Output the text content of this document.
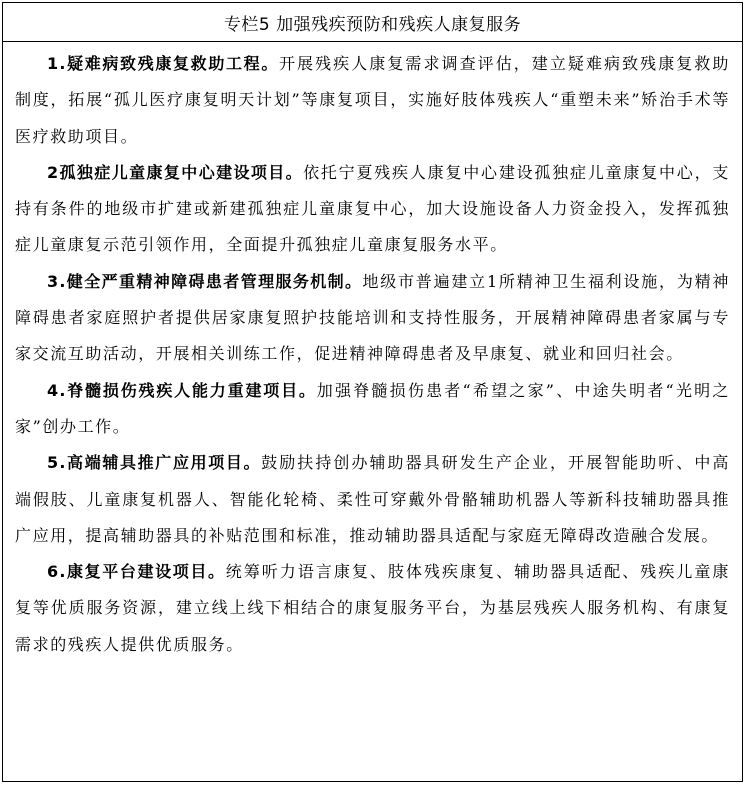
专栏5 加强残疾预防和残疾人康复服务

1.疑难病致残康复救助工程。开展残疾人康复需求调查评估，建立疑难病致残康复救助制度，拓展“孤儿医疗康复明天计划”等康复项目，实施好肢体残疾人“重塑未来”矫治手术等医疗救助项目。

2孤独症儿童康复中心建设项目。依托宁夏残疾人康复中心建设孤独症儿童康复中心，支持有条件的地级市扩建或新建孤独症儿童康复中心，加大设施设备人力资金投入，发挥孤独症儿童康复示范引领作用，全面提升孤独症儿童康复服务水平。

3.健全严重精神障碍患者管理服务机制。地级市普遍建立1所精神卫生福利设施，为精神障碍患者家庭照护者提供居家康复照护技能培训和支持性服务，开展精神障碍患者家属与专家交流互助活动，开展相关训练工作，促进精神障碍患者及早康复、就业和回归社会。

4.脊髓损伤残疾人能力重建项目。加强脊髓损伤患者“希望之家”、中途失明者“光明之家”创办工作。

5.高端辅具推广应用项目。鼓励扶持创办辅助器具研发生产企业，开展智能助听、中高端假肢、儿童康复机器人、智能化轮椅、柔性可穿戴外骨骼辅助机器人等新科技辅助器具推广应用，提高辅助器具的补贴范围和标准，推动辅助器具适配与家庭无障碍改造融合发展。

6.康复平台建设项目。统筹听力语言康复、肢体残疾康复、辅助器具适配、残疾儿童康复等优质服务资源，建立线上线下相结合的康复服务平台，为基层残疾人服务机构、有康复需求的残疾人提供优质服务。
